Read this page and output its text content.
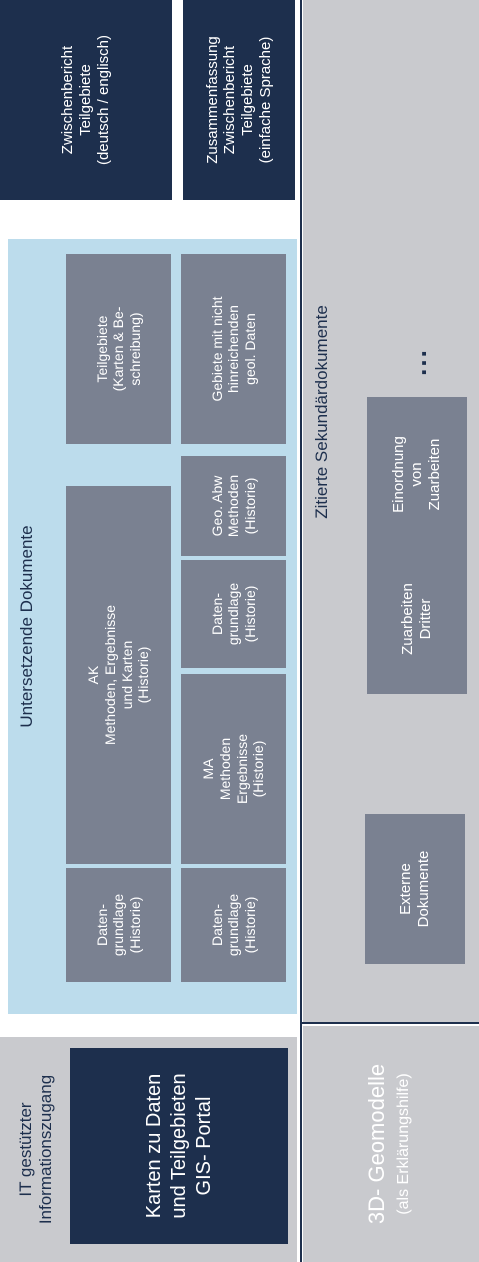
IT gestützter
Informationszugang	Karten zu Daten
und Teilgebieten
GIS- Portal
Untersetzende Dokumente
Daten-
grundlage
(Historie)
AK
Methoden, Ergebnisse
und Karten
(Historie)
Teilgebiete
(Karten & Be-
schreibung)
Daten-
grundlage
(Historie)
MA
Methoden
Ergebnisse
(Historie)
Daten-
grundlage
(Historie)
Geo. Abw
Methoden
(Historie)
Gebiete mit nicht
hinreichenden
geol. Daten
Zwischenbericht
Teilgebiete
(deutsch / englisch)	Zusammenfassung
Zwischenbericht
Teilgebiete
(einfache Sprache)
3D- Geomodelle (als Erklärungshilfe)
Zitierte Sekundärdokumente
Externe
Dokumente
Zuarbeiten
Dritter
Einordnung
von
Zuarbeiten
...
